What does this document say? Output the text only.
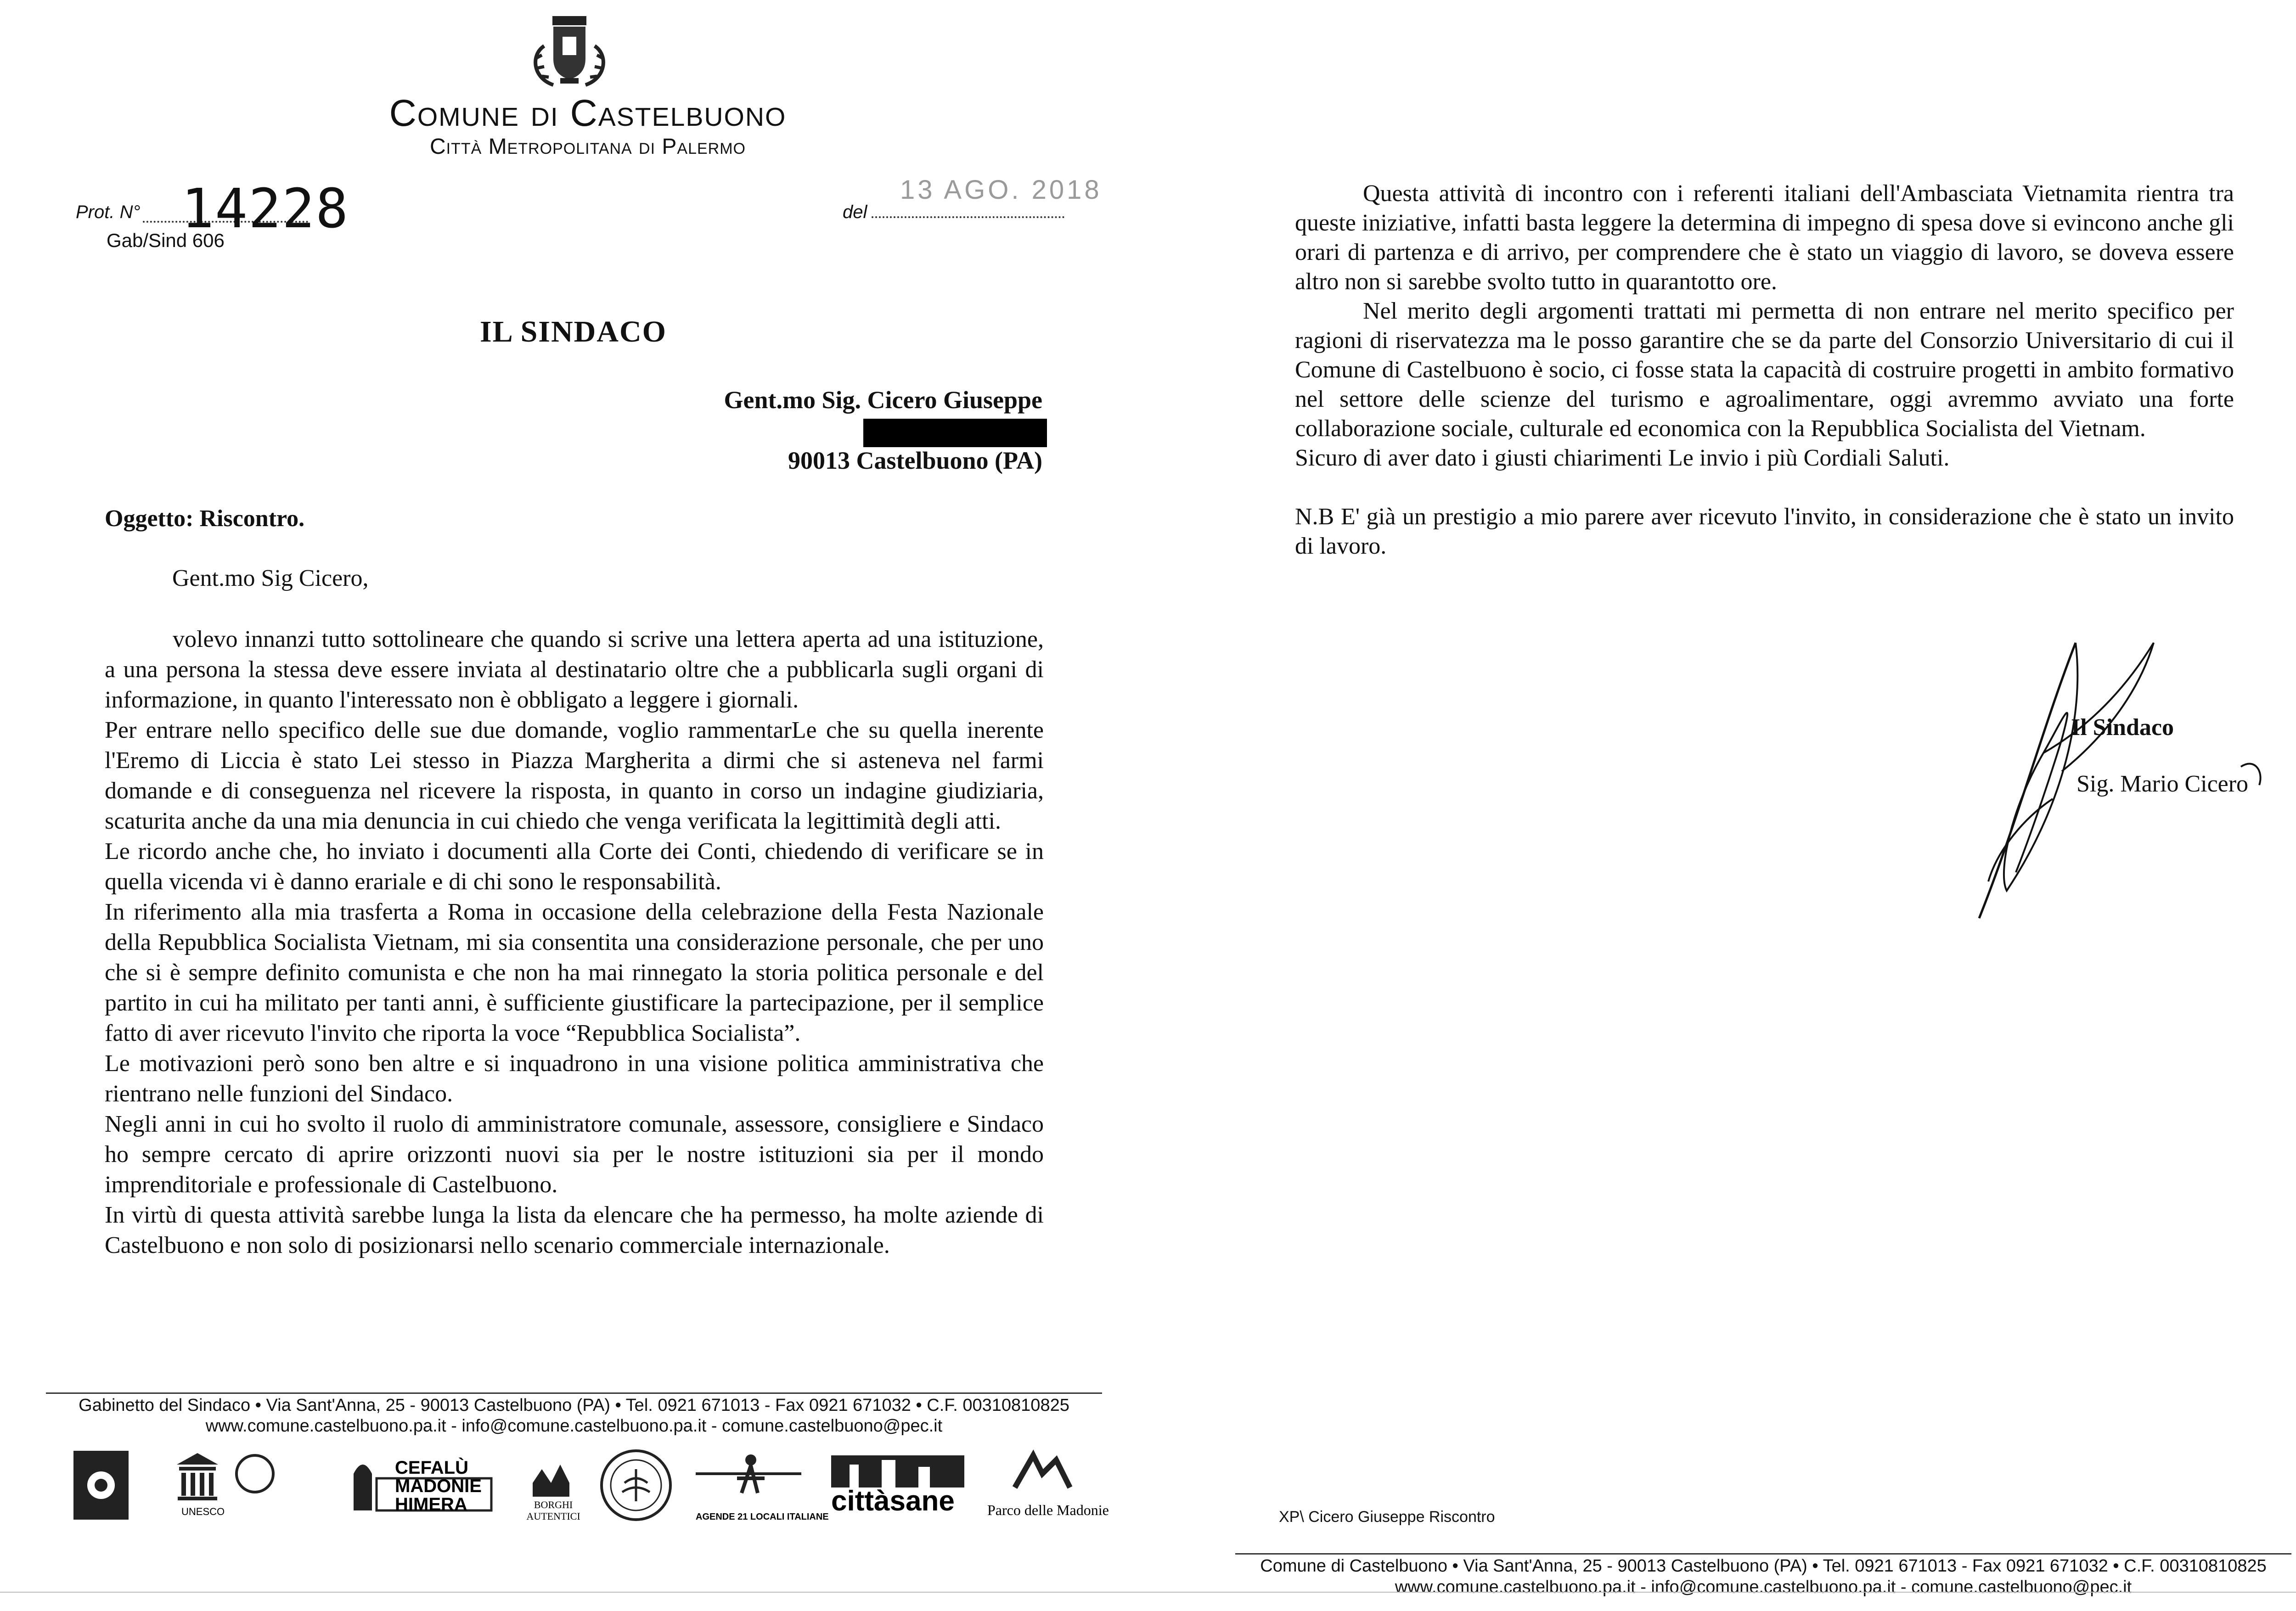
Comune di Castelbuono
Città Metropolitana di Palermo
Prot. N° 14228
Gab/Sind 606
13 AGO. 2018
del
IL SINDACO
Gent.mo Sig. Cicero Giuseppe
90013 Castelbuono (PA)
Oggetto: Riscontro.
Gent.mo Sig Cicero,

volevo innanzi tutto sottolineare che quando si scrive una lettera aperta ad una istituzione, a una persona la stessa deve essere inviata al destinatario oltre che a pubblicarla sugli organi di informazione, in quanto l'interessato non è obbligato a leggere i giornali.

Per entrare nello specifico delle sue due domande, voglio rammentarLe che su quella inerente l'Eremo di Liccia è stato Lei stesso in Piazza Margherita a dirmi che si asteneva nel farmi domande e di conseguenza nel ricevere la risposta, in quanto in corso un indagine giudiziaria, scaturita anche da una mia denuncia in cui chiedo che venga verificata la legittimità degli atti.

Le ricordo anche che, ho inviato i documenti alla Corte dei Conti, chiedendo di verificare se in quella vicenda vi è danno erariale e di chi sono le responsabilità.

In riferimento alla mia trasferta a Roma in occasione della celebrazione della Festa Nazionale della Repubblica Socialista Vietnam, mi sia consentita una considerazione personale, che per uno che si è sempre definito comunista e che non ha mai rinnegato la storia politica personale e del partito in cui ha militato per tanti anni, è sufficiente giustificare la partecipazione, per il semplice fatto di aver ricevuto l'invito che riporta la voce “Repubblica Socialista”.

Le motivazioni però sono ben altre e si inquadrono in una visione politica amministrativa che rientrano nelle funzioni del Sindaco.

Negli anni in cui ho svolto il ruolo di amministratore comunale, assessore, consigliere e Sindaco ho sempre cercato di aprire orizzonti nuovi sia per le nostre istituzioni sia per il mondo imprenditoriale e professionale di Castelbuono.

In virtù di questa attività sarebbe lunga la lista da elencare che ha permesso, ha molte aziende di Castelbuono e non solo di posizionarsi nello scenario commerciale internazionale.

Gabinetto del Sindaco • Via Sant'Anna, 25 - 90013 Castelbuono (PA) • Tel. 0921 671013 - Fax 0921 671032 • C.F. 00310810825
www.comune.castelbuono.pa.it - info@comune.castelbuono.pa.it - comune.castelbuono@pec.it
UNESCO
CEFALÙ
MADONIE
HIMERA	BORGHI
AUTENTICI	AGENDE 21 LOCALI ITALIANE cittàsane Parco delle Madonie

Questa attività di incontro con i referenti italiani dell'Ambasciata Vietnamita rientra tra queste iniziative, infatti basta leggere la determina di impegno di spesa dove si evincono anche gli orari di partenza e di arrivo, per comprendere che è stato un viaggio di lavoro, se doveva essere altro non si sarebbe svolto tutto in quarantotto ore.

Nel merito degli argomenti trattati mi permetta di non entrare nel merito specifico per ragioni di riservatezza ma le posso garantire che se da parte del Consorzio Universitario di cui il Comune di Castelbuono è socio, ci fosse stata la capacità di costruire progetti in ambito formativo nel settore delle scienze del turismo e agroalimentare, oggi avremmo avviato una forte collaborazione sociale, culturale ed economica con la Repubblica Socialista del Vietnam.

Sicuro di aver dato i giusti chiarimenti Le invio i più Cordiali Saluti.

N.B E' già un prestigio a mio parere aver ricevuto l'invito, in considerazione che è stato un invito di lavoro.

Il Sindaco
Sig. Mario Cicero
XP\ Cicero Giuseppe Riscontro
Comune di Castelbuono • Via Sant'Anna, 25 - 90013 Castelbuono (PA) • Tel. 0921 671013 - Fax 0921 671032 • C.F. 00310810825
www.comune.castelbuono.pa.it - info@comune.castelbuono.pa.it - comune.castelbuono@pec.it
